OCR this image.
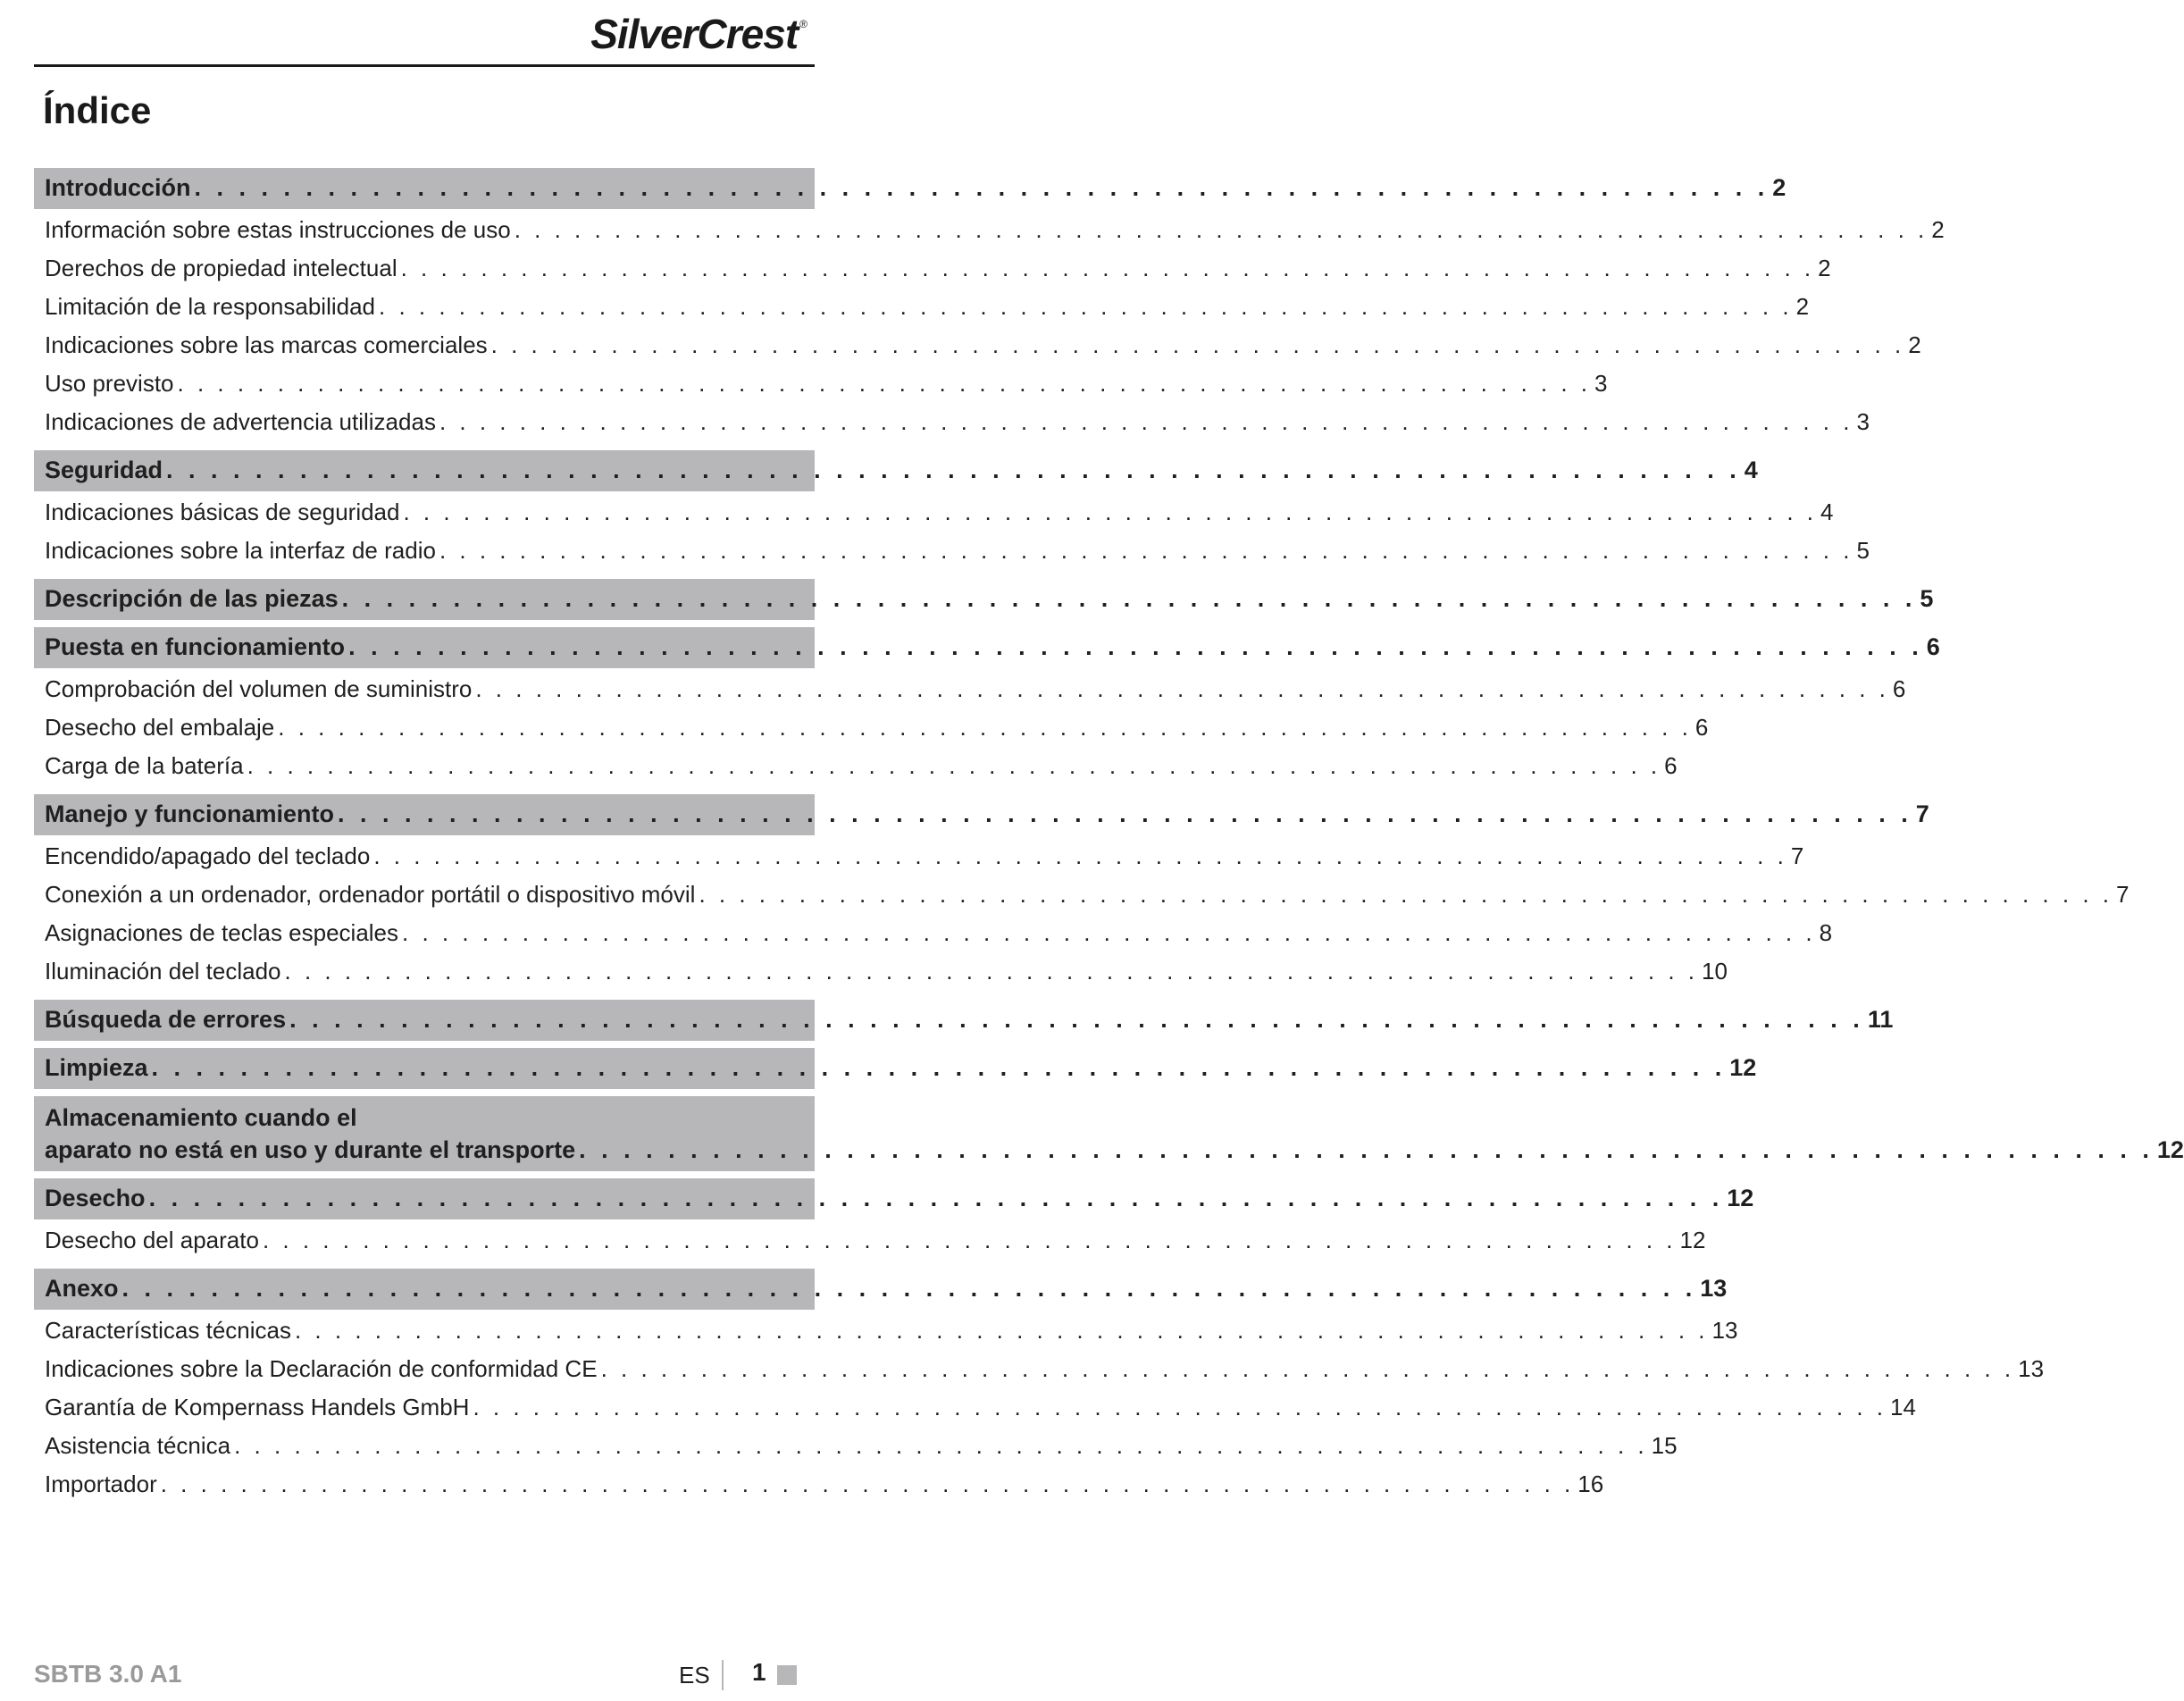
SilverCrest ®
Índice
Introducción . . . . . . . . . . . . . . . . . . . . . . . . . . . . . . . . . . . . . . . . . . . . . . . . . . . . . . . . . . . . . . . . . . . . . . . 2
Información sobre estas instrucciones de uso . . . . . . . . . . . . . . . . . . . . . . . . . . . . . . . . . . . . . . . . . . . . . . . . . . . . . . . . . . . . . . . . . . . . . . . 2
Derechos de propiedad intelectual . . . . . . . . . . . . . . . . . . . . . . . . . . . . . . . . . . . . . . . . . . . . . . . . . . . . . . . . . . . . . . . . . . . . . . . 2
Limitación de la responsabilidad . . . . . . . . . . . . . . . . . . . . . . . . . . . . . . . . . . . . . . . . . . . . . . . . . . . . . . . . . . . . . . . . . . . . . . . 2
Indicaciones sobre las marcas comerciales . . . . . . . . . . . . . . . . . . . . . . . . . . . . . . . . . . . . . . . . . . . . . . . . . . . . . . . . . . . . . . . . . . . . . . . 2
Uso previsto . . . . . . . . . . . . . . . . . . . . . . . . . . . . . . . . . . . . . . . . . . . . . . . . . . . . . . . . . . . . . . . . . . . . . . . 3
Indicaciones de advertencia utilizadas . . . . . . . . . . . . . . . . . . . . . . . . . . . . . . . . . . . . . . . . . . . . . . . . . . . . . . . . . . . . . . . . . . . . . . . 3
Seguridad . . . . . . . . . . . . . . . . . . . . . . . . . . . . . . . . . . . . . . . . . . . . . . . . . . . . . . . . . . . . . . . . . . . . . . . 4
Indicaciones básicas de seguridad . . . . . . . . . . . . . . . . . . . . . . . . . . . . . . . . . . . . . . . . . . . . . . . . . . . . . . . . . . . . . . . . . . . . . . . 4
Indicaciones sobre la interfaz de radio . . . . . . . . . . . . . . . . . . . . . . . . . . . . . . . . . . . . . . . . . . . . . . . . . . . . . . . . . . . . . . . . . . . . . . . 5
Descripción de las piezas . . . . . . . . . . . . . . . . . . . . . . . . . . . . . . . . . . . . . . . . . . . . . . . . . . . . . . . . . . . . . . . . . . . . . . . 5
Puesta en funcionamiento . . . . . . . . . . . . . . . . . . . . . . . . . . . . . . . . . . . . . . . . . . . . . . . . . . . . . . . . . . . . . . . . . . . . . . . 6
Comprobación del volumen de suministro . . . . . . . . . . . . . . . . . . . . . . . . . . . . . . . . . . . . . . . . . . . . . . . . . . . . . . . . . . . . . . . . . . . . . . . 6
Desecho del embalaje . . . . . . . . . . . . . . . . . . . . . . . . . . . . . . . . . . . . . . . . . . . . . . . . . . . . . . . . . . . . . . . . . . . . . . . 6
Carga de la batería . . . . . . . . . . . . . . . . . . . . . . . . . . . . . . . . . . . . . . . . . . . . . . . . . . . . . . . . . . . . . . . . . . . . . . . 6
Manejo y funcionamiento . . . . . . . . . . . . . . . . . . . . . . . . . . . . . . . . . . . . . . . . . . . . . . . . . . . . . . . . . . . . . . . . . . . . . . . 7
Encendido/apagado del teclado . . . . . . . . . . . . . . . . . . . . . . . . . . . . . . . . . . . . . . . . . . . . . . . . . . . . . . . . . . . . . . . . . . . . . . . 7
Conexión a un ordenador, ordenador portátil o dispositivo móvil . . . . . . . . . . . . . . . . . . . . . . . . . . . . . . . . . . . . . . . . . . . . . . . . . . . . . . . . . . . . . . . . . . . . . . . 7
Asignaciones de teclas especiales . . . . . . . . . . . . . . . . . . . . . . . . . . . . . . . . . . . . . . . . . . . . . . . . . . . . . . . . . . . . . . . . . . . . . . . 8
Iluminación del teclado . . . . . . . . . . . . . . . . . . . . . . . . . . . . . . . . . . . . . . . . . . . . . . . . . . . . . . . . . . . . . . . . . . . . . . . 10
Búsqueda de errores . . . . . . . . . . . . . . . . . . . . . . . . . . . . . . . . . . . . . . . . . . . . . . . . . . . . . . . . . . . . . . . . . . . . . . . 11
Limpieza . . . . . . . . . . . . . . . . . . . . . . . . . . . . . . . . . . . . . . . . . . . . . . . . . . . . . . . . . . . . . . . . . . . . . . . 12
Almacenamiento cuando el
aparato no está en uso y durante el transporte . . . . . . . . . . . . . . . . . . . . . . . . . . . . . . . . . . . . . . . . . . . . . . . . . . . . . . . . . . . . . . . . . . . . . . . 12
Desecho . . . . . . . . . . . . . . . . . . . . . . . . . . . . . . . . . . . . . . . . . . . . . . . . . . . . . . . . . . . . . . . . . . . . . . . 12
Desecho del aparato . . . . . . . . . . . . . . . . . . . . . . . . . . . . . . . . . . . . . . . . . . . . . . . . . . . . . . . . . . . . . . . . . . . . . . . 12
Anexo . . . . . . . . . . . . . . . . . . . . . . . . . . . . . . . . . . . . . . . . . . . . . . . . . . . . . . . . . . . . . . . . . . . . . . . 13
Características técnicas . . . . . . . . . . . . . . . . . . . . . . . . . . . . . . . . . . . . . . . . . . . . . . . . . . . . . . . . . . . . . . . . . . . . . . . 13
Indicaciones sobre la Declaración de conformidad CE . . . . . . . . . . . . . . . . . . . . . . . . . . . . . . . . . . . . . . . . . . . . . . . . . . . . . . . . . . . . . . . . . . . . . . . 13
Garantía de Kompernass Handels GmbH . . . . . . . . . . . . . . . . . . . . . . . . . . . . . . . . . . . . . . . . . . . . . . . . . . . . . . . . . . . . . . . . . . . . . . . 14
Asistencia técnica . . . . . . . . . . . . . . . . . . . . . . . . . . . . . . . . . . . . . . . . . . . . . . . . . . . . . . . . . . . . . . . . . . . . . . . 15
Importador . . . . . . . . . . . . . . . . . . . . . . . . . . . . . . . . . . . . . . . . . . . . . . . . . . . . . . . . . . . . . . . . . . . . . . . 16
SBTB 3.0 A1	ES 1
